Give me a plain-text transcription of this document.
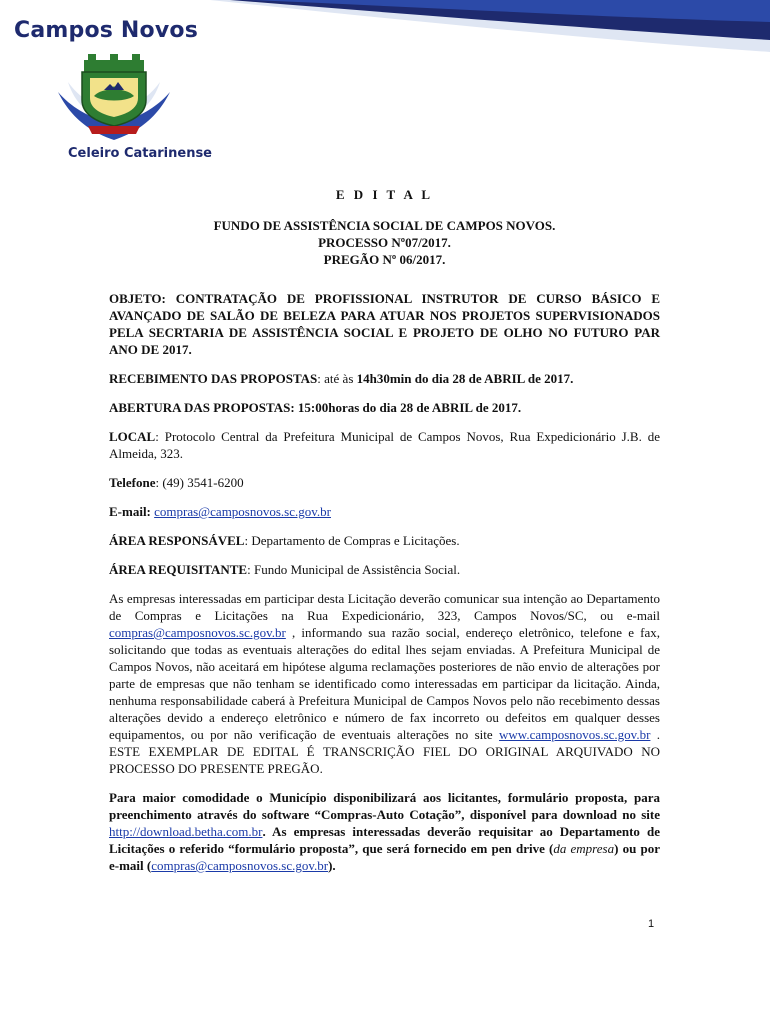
Campos Novos
Celeiro Catarinense

E D I T A L

FUNDO DE ASSISTÊNCIA SOCIAL DE CAMPOS NOVOS.

PROCESSO Nº07/2017.

PREGÃO Nº 06/2017.

OBJETO: CONTRATAÇÃO DE PROFISSIONAL INSTRUTOR DE CURSO BÁSICO E AVANÇADO DE SALÃO DE BELEZA PARA ATUAR NOS PROJETOS SUPERVISIONADOS PELA SECRTARIA DE ASSISTÊNCIA SOCIAL E PROJETO DE OLHO NO FUTURO PAR ANO DE 2017.

RECEBIMENTO DAS PROPOSTAS: até às 14h30min do dia 28 de ABRIL de 2017.

ABERTURA DAS PROPOSTAS: 15:00horas do dia 28 de ABRIL de 2017.

LOCAL: Protocolo Central da Prefeitura Municipal de Campos Novos, Rua Expedicionário J.B. de Almeida, 323.

Telefone: (49) 3541-6200

E-mail: compras@camposnovos.sc.gov.br

ÁREA RESPONSÁVEL: Departamento de Compras e Licitações.

ÁREA REQUISITANTE: Fundo Municipal de Assistência Social.

As empresas interessadas em participar desta Licitação deverão comunicar sua intenção ao Departamento de Compras e Licitações na Rua Expedicionário, 323, Campos Novos/SC, ou e-mail compras@camposnovos.sc.gov.br , informando sua razão social, endereço eletrônico, telefone e fax, solicitando que todas as eventuais alterações do edital lhes sejam enviadas. A Prefeitura Municipal de Campos Novos, não aceitará em hipótese alguma reclamações posteriores de não envio de alterações por parte de empresas que não tenham se identificado como interessadas em participar da licitação. Ainda, nenhuma responsabilidade caberá à Prefeitura Municipal de Campos Novos pelo não recebimento dessas alterações devido a endereço eletrônico e número de fax incorreto ou defeitos em qualquer desses equipamentos, ou por não verificação de eventuais alterações no site www.camposnovos.sc.gov.br . ESTE EXEMPLAR DE EDITAL É TRANSCRIÇÃO FIEL DO ORIGINAL ARQUIVADO NO PROCESSO DO PRESENTE PREGÃO.

Para maior comodidade o Município disponibilizará aos licitantes, formulário proposta, para preenchimento através do software “Compras-Auto Cotação”, disponível para download no site http://download.betha.com.br. As empresas interessadas deverão requisitar ao Departamento de Licitações o referido “formulário proposta”, que será fornecido em pen drive (da empresa) ou por e-mail (compras@camposnovos.sc.gov.br).

1
